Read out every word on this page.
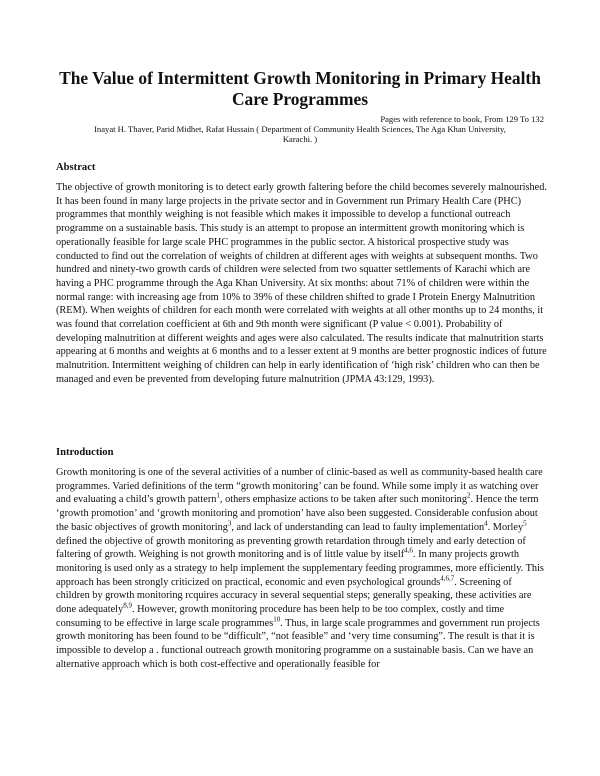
The Value of Intermittent Growth Monitoring in Primary Health
Care Programmes
Pages with reference to book, From 129 To 132
Inayat H. Thaver, Parid Midhet, Rafat Hussain ( Department of Community Health Sciences, The Aga Khan University,
Karachi. )
Abstract

The objective of growth monitoring is to detect early growth faltering before the child becomes severely malnourished. It has been found in many large projects in the private sector and in Government run Primary Health Care (PHC) programmes that monthly weighing is not feasible which makes it impossible to develop a functional outreach programme on a sustainable basis. This study is an attempt to propose an intermittent growth monitoring which is operationally feasible for large scale PHC programmes in the public sector. A historical prospective study was conducted to find out the correlation of weights of children at different ages with weights at subsequent months. Two hundred and ninety-two growth cards of children were selected from two squatter settlements of Karachi which are having a PHC programme through the Aga Khan University. At six months: about 71% of children were within the normal range: with increasing age from 10% to 39% of these children shifted to grade I Protein Energy Malnutrition (REM). When weights of children for each month were correlated with weights at all other months up to 24 months, it was found that correlation coefficient at 6th and 9th month were significant (P value < 0.001). Probability of developing malnutrition at different weights and ages were also calculated. The results indicate that malnutrition starts appearing at 6 months and weights at 6 months and to a lesser extent at 9 months are better prognostic indices of future malnutrition. Intermittent weighing of children can help in early identification of ‘high risk’ children who can then be managed and even be prevented from developing future malnutrition (JPMA 43:129, 1993).

Introduction

Growth monitoring is one of the several activities of a number of clinic-based as well as community-based health care programmes. Varied definitions of the term “growth monitoring’ can be found. While some imply it as watching over and evaluating a child’s growth pattern$^1$, others emphasize actions to be taken after such monitoring$^2$. Hence the term ‘growth promotion’ and ‘growth monitoring and promotion’ have also been suggested. Considerable confusion about the basic objectives of growth monitoring$^3$, and lack of understanding can lead to faulty implementation$^4$. Morley$^5$ defined the objective of growth monitoring as preventing growth retardation through timely and early detection of faltering of growth. Weighing is not growth monitoring and is of little value by itself$^{4,6}$. In many projects growth monitoring is used only as a strategy to help implement the supplementary feeding programmes, more efficiently. This approach has been strongly criticized on practical, economic and even psychological grounds$^{4,6,7}$. Screening of children by growth monitoring rcquires accuracy in several sequential steps; generally speaking, these activities are done adequately$^{8,9}$. However, growth monitoring procedure has been help to be too complex, costly and time consuming to be effective in large scale programmes$^{10}$. Thus, in large scale programmes and government run projects growth monitoring has been found to be “difficult”, “not feasible” and ‘very time consuming”. The result is that it is impossible to develop a . functional outreach growth monitoring programme on a sustainable basis. Can we have an alternative approach which is both cost-effective and operationally feasible for
